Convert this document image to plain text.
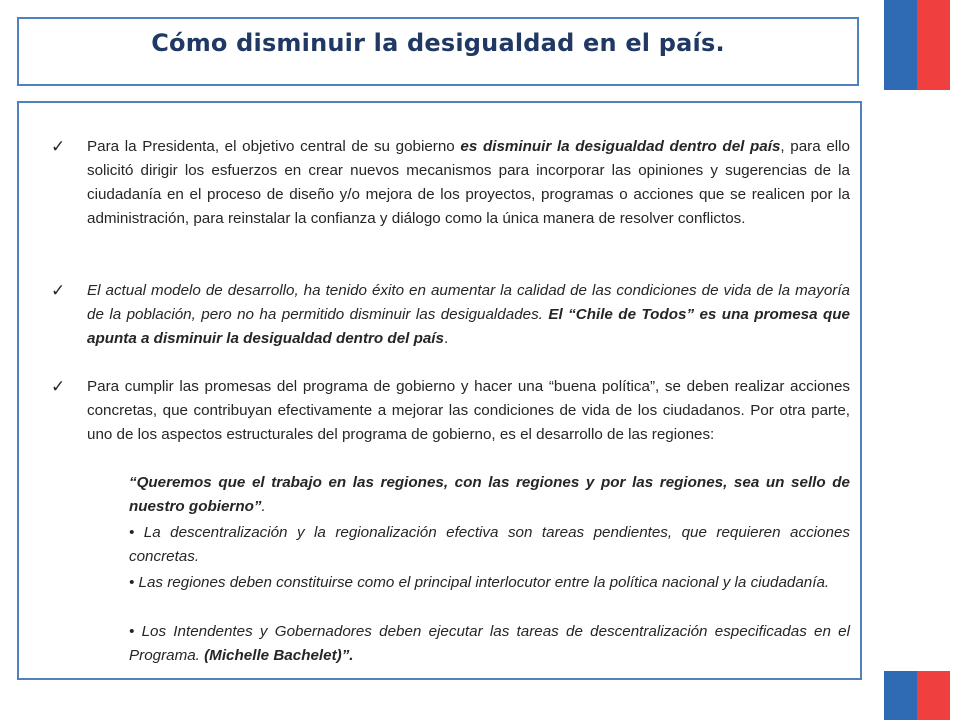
Cómo disminuir la desigualdad en el país.
✓ Para la Presidenta, el objetivo central de su gobierno es disminuir la desigualdad dentro del país, para ello solicitó dirigir los esfuerzos en crear nuevos mecanismos para incorporar las opiniones y sugerencias de la ciudadanía en el proceso de diseño y/o mejora de los proyectos, programas o acciones que se realicen por la administración, para reinstalar la confianza y diálogo como la única manera de resolver conflictos.
✓ El actual modelo de desarrollo, ha tenido éxito en aumentar la calidad de las condiciones de vida de la mayoría de la población, pero no ha permitido disminuir las desigualdades. El “Chile de Todos” es una promesa que apunta a disminuir la desigualdad dentro del país.
✓ Para cumplir las promesas del programa de gobierno y hacer una “buena política”, se deben realizar acciones concretas, que contribuyan efectivamente a mejorar las condiciones de vida de los ciudadanos. Por otra parte, uno de los aspectos estructurales del programa de gobierno, es el desarrollo de las regiones:
“Queremos que el trabajo en las regiones, con las regiones y por las regiones, sea un sello de nuestro gobierno”.
• La descentralización y la regionalización efectiva son tareas pendientes, que requieren acciones concretas.
• Las regiones deben constituirse como el principal interlocutor entre la política nacional y la ciudadanía.
• Los Intendentes y Gobernadores deben ejecutar las tareas de descentralización especificadas en el Programa. (Michelle Bachelet)”.
